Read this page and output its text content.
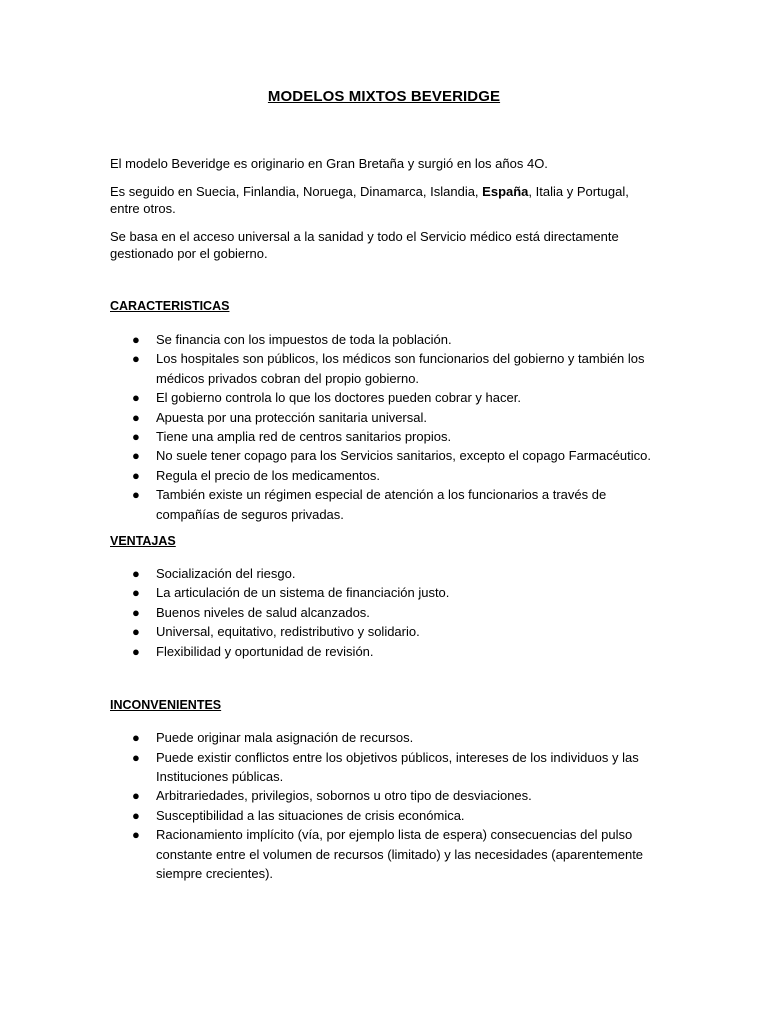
MODELOS MIXTOS BEVERIDGE

El modelo Beveridge es originario en Gran Bretaña y surgió en los años 4O.

Es seguido en Suecia, Finlandia, Noruega, Dinamarca, Islandia, España, Italia y Portugal, entre otros.

Se basa en el acceso universal a la sanidad y todo el Servicio médico está directamente gestionado por el gobierno.

CARACTERISTICAS
● Se financia con los impuestos de toda la población.
● Los hospitales son públicos, los médicos son funcionarios del gobierno y también los médicos privados cobran del propio gobierno.
● El gobierno controla lo que los doctores pueden cobrar y hacer.
● Apuesta por una protección sanitaria universal.
● Tiene una amplia red de centros sanitarios propios.
● No suele tener copago para los Servicios sanitarios, excepto el copago Farmacéutico.
● Regula el precio de los medicamentos.
● También existe un régimen especial de atención a los funcionarios a través de compañías de seguros privadas.
VENTAJAS
● Socialización del riesgo.
● La articulación de un sistema de financiación justo.
● Buenos niveles de salud alcanzados.
● Universal, equitativo, redistributivo y solidario.
● Flexibilidad y oportunidad de revisión.
INCONVENIENTES
● Puede originar mala asignación de recursos.
● Puede existir conflictos entre los objetivos públicos, intereses de los individuos y las Instituciones públicas.
● Arbitrariedades, privilegios, sobornos u otro tipo de desviaciones.
● Susceptibilidad a las situaciones de crisis económica.
● Racionamiento implícito (vía, por ejemplo lista de espera) consecuencias del pulso constante entre el volumen de recursos (limitado) y las necesidades (aparentemente siempre crecientes).
